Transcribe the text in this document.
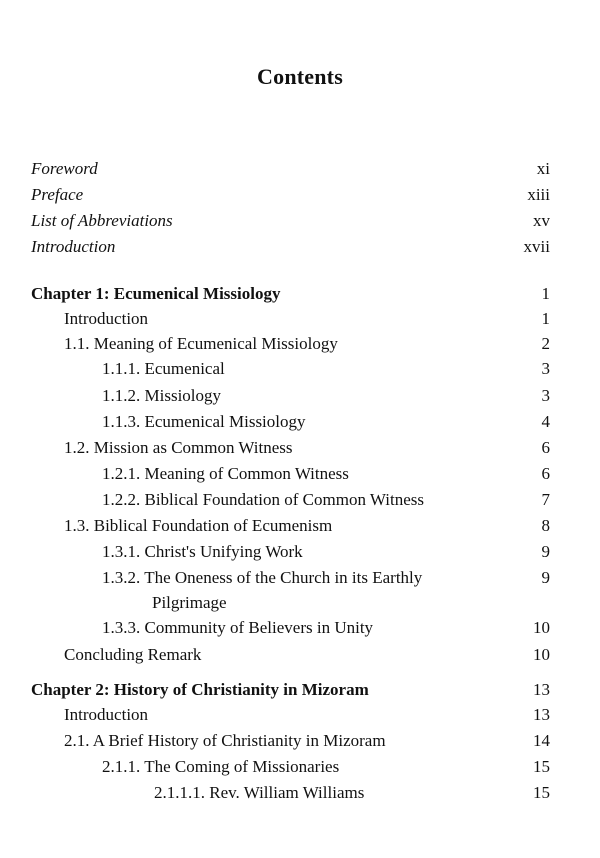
Contents
Foreword	xi
Preface	xiii
List of Abbreviations	xv
Introduction	xvii
Chapter 1: Ecumenical Missiology	1
Introduction	1
1.1. Meaning of Ecumenical Missiology	2
1.1.1. Ecumenical	3
1.1.2. Missiology	3
1.1.3. Ecumenical Missiology	4
1.2. Mission as Common Witness	6
1.2.1. Meaning of Common Witness	6
1.2.2. Biblical Foundation of Common Witness	7
1.3. Biblical Foundation of Ecumenism	8
1.3.1. Christ's Unifying Work	9
1.3.2. The Oneness of the Church in its Earthly	9
Pilgrimage
1.3.3. Community of Believers in Unity	10
Concluding Remark	10
Chapter 2: History of Christianity in Mizoram	13
Introduction	13
2.1. A Brief History of Christianity in Mizoram	14
2.1.1. The Coming of Missionaries	15
2.1.1.1. Rev. William Williams	15
